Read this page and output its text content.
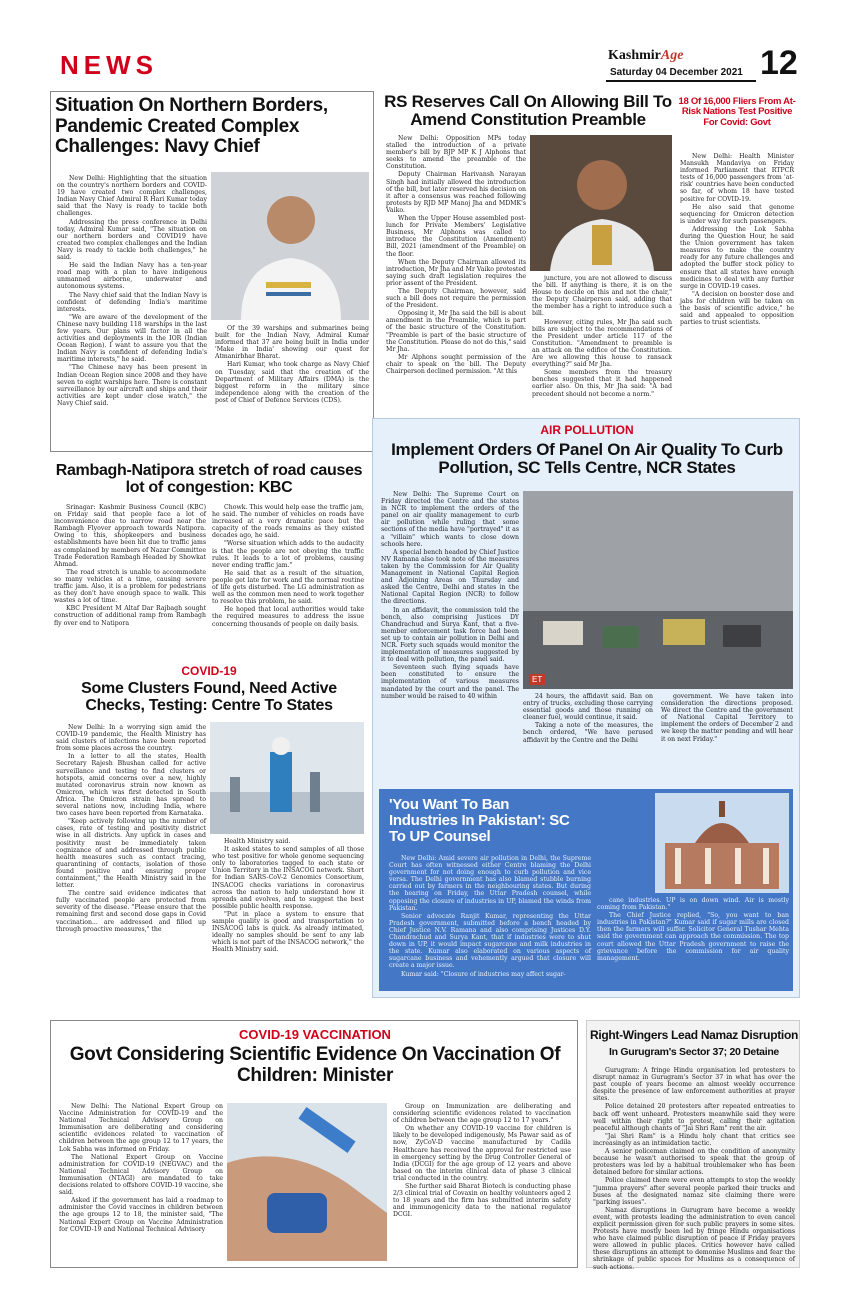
NEWS	KashmirAge
Saturday 04 December 2021 12
Situation On Northern Borders, Pandemic Created Complex Challenges: Navy Chief

New Delhi: Highlighting that the situation on the country's northern borders and COVID-19 have created two complex challenges, Indian Navy Chief Admiral R Hari Kumar today said that the Navy is ready to tackle both challenges.

Addressing the press conference in Delhi today, Admiral Kumar said, "The situation on our northern borders and COVID19 have created two complex challenges and the Indian Navy is ready to tackle both challenges," he said.

He said the Indian Navy has a ten-year road map with a plan to have indigenous unmanned airborne, underwater and autonomous systems.

The Navy chief said that the Indian Navy is confident of defending India's maritime interests.

"We are aware of the development of the Chinese navy building 118 warships in the last few years. Our plans will factor in all the activities and deployments in the IOR (Indian Ocean Region). I want to assure you that the Indian Navy is confident of defending India's maritime interests," he said.

"The Chinese navy has been present in Indian Ocean Region since 2008 and they have seven to eight warships here. There is constant surveillance by our aircraft and ships and their activities are kept under close watch," the Navy Chief said.

Of the 39 warships and submarines being built for the Indian Navy, Admiral Kumar informed that 37 are being built in India under 'Make in India' showing our quest for Atmanirbhar Bharat.

Hari Kumar, who took charge as Navy Chief on Tuesday, said that the creation of the Department of Military Affairs (DMA) is the biggest reform in the military since independence along with the creation of the post of Chief of Defence Services (CDS).

RS Reserves Call On Allowing Bill To Amend Constitution Preamble

New Delhi: Opposition MPs today stalled the introduction of a private member's bill by BJP MP K J Alphons that seeks to amend the preamble of the Constitution.

Deputy Chairman Harivansh Narayan Singh had initially allowed the introduction of the bill, but later reserved his decision on it after a consensus was reached following protests by RJD MP Manoj Jha and MDMK's Vaiko.

When the Upper House assembled post-lunch for Private Members' Legislative Business, Mr Alphons was called to introduce the Constitution (Amendment) Bill, 2021 (amendment of the Preamble) on the floor.

When the Deputy Chairman allowed its introduction, Mr Jha and Mr Vaiko protested saying such draft legislation requires the prior assent of the President.

The Deputy Chairman, however, said such a bill does not require the permission of the President.

Opposing it, Mr Jha said the bill is about amendment in the Preamble, which is part of the basic structure of the Constitution. "Preamble is part of the basic structure of the Constitution. Please do not do this," said Mr Jha.

Mr Alphons sought permission of the chair to speak on the bill. The Deputy Chairperson declined permission. "At this

juncture, you are not allowed to discuss the bill. If anything is there, it is on the House to decide on this and not the chair," the Deputy Chairperson said, adding that the member has a right to introduce such a bill.

However, citing rules, Mr Jha said such bills are subject to the recommendations of the President under article 117 of the Constitution. "Amendment to preamble is an attack on the edifice of the Constitution. Are we allowing this house to ransack everything?" said Mr Jha.

Some members from the treasury benches suggested that it had happened earlier also. On this, Mr Jha said: "A bad precedent should not become a norm."

18 Of 16,000 Fliers From At-Risk Nations Test Positive For Covid: Govt

New Delhi: Health Minister Mansukh Mandaviya on Friday informed Parliament that RTPCR tests of 16,000 passengers from 'at-risk' countries have been conducted so far, of whom 18 have tested positive for COVID-19.

He also said that genome sequencing for Omicron detection is under way for such passengers.

Addressing the Lok Sabha during the Question Hour, he said the Union government has taken measures to make the country ready for any future challenges and adopted the buffer stock policy to ensure that all states have enough medicines to deal with any further surge in COVID-19 cases.

"A decision on booster dose and jabs for children will be taken on the basis of scientific advice," he said and appealed to opposition parties to trust scientists.

Rambagh-Natipora stretch of road causes lot of congestion: KBC

Srinagar: Kashmir Business Council (KBC) on Friday said that people face a lot of inconvenience due to narrow road near the Rambagh Flyover approach towards Natipora. Owing to this, shopkeepers and business establishments have been hit due to traffic jams as complained by members of Nazar Committee Trade Federation Rambagh Headed by Showkat Ahmad.

The road stretch is unable to accommodate so many vehicles at a time, causing severe traffic jam. Also, it is a problem for pedestrians as they don't have enough space to walk. This wastes a lot of time.

KBC President M Altaf Dar Rajbagh sought construction of additional ramp from Rambagh fly over end to Natipora

Chowk. This would help ease the traffic jam, he said. The number of vehicles on roads have increased at a very dramatic pace but the capacity of the roads remains as they existed decades ago, he said.

"Worse situation which adds to the audacity is that the people are not obeying the traffic rules. It leads to a lot of problems, causing never ending traffic jam."

He said that as a result of the situation, people get late for work and the normal routine of life gets disturbed. The LG administration as well as the common men need to work together to resolve this problem, he said.

He hoped that local authorities would take the required measures to address the issue concerning thousands of people on daily basis.

COVID-19
Some Clusters Found, Need Active Checks, Testing: Centre To States

New Delhi: In a worrying sign amid the COVID-19 pandemic, the Health Ministry has said clusters of infections have been reported from some places across the country.

In a letter to all the states, Health Secretary Rajesh Bhushan called for active surveillance and testing to find clusters or hotspots, amid concerns over a new, highly mutated coronavirus strain now known as Omicron, which was first detected in South Africa. The Omicron strain has spread to several nations now, including India, where two cases have been reported from Karnataka.

"Keep actively following up the number of cases, rate of testing and positivity district wise in all districts. Any uptick in cases and positivity must be immediately taken cognizance of and addressed through public health measures such as contact tracing, quarantining of contacts, isolation of those found positive and ensuring proper containment," the Health Ministry said in the letter.

The centre said evidence indicates that fully vaccinated people are protected from severity of the disease. "Please ensure that the remaining first and second dose gaps in Covid vaccination... are addressed and filled up through proactive measures," the

Health Ministry said.

It asked states to send samples of all those who test positive for whole genome sequencing only to laboratories tagged to each state or Union Territory in the INSACOG network. Short for Indian SARS-CoV-2 Genomics Consortium, INSACOG checks variations in coronavirus across the nation to help understand how it spreads and evolves, and to suggest the best possible public health response.

"Put in place a system to ensure that sample quality is good and transportation to INSACOG labs is quick. As already intimated, ideally no samples should be sent to any lab which is not part of the INSACOG network," the Health Ministry said.

AIR POLLUTION
Implement Orders Of Panel On Air Quality To Curb Pollution, SC Tells Centre, NCR States

New Delhi: The Supreme Court on Friday directed the Centre and the states in NCR to implement the orders of the panel on air quality management to curb air pollution while ruling that some sections of the media have "portrayed" it as a "villain" which wants to close down schools here.

A special bench headed by Chief Justice NV Ramana also took note of the measures taken by the Commission for Air Quality Management in National Capital Region and Adjoining Areas on Thursday and asked the Centre, Delhi and states in the National Capital Region (NCR) to follow the directions.

In an affidavit, the commission told the bench, also comprising Justices DY Chandrachud and Surya Kant, that a five-member enforcement task force had been set up to contain air pollution in Delhi and NCR. Forty such squads would monitor the implementation of measures suggested by it to deal with pollution, the panel said.

Seventeen such flying squads have been constituted to ensure the implementation of various measures mandated by the court and the panel. The number would be raised to 40 within

ET

24 hours, the affidavit said. Ban on entry of trucks, excluding those carrying essential goods and those running on cleaner fuel, would continue, it said.

Taking a note of the measures, the bench ordered, "We have perused affidavit by the Centre and the Delhi

government. We have taken into consideration the directions proposed. We direct the Centre and the government of National Capital Territory to implement the orders of December 2 and we keep the matter pending and will hear it on next Friday."

'You Want To Ban Industries In Pakistan': SC To UP Counsel

New Delhi: Amid severe air pollution in Delhi, the Supreme Court has often witnessed either Centre blaming the Delhi government for not doing enough to curb pollution and vice versa. The Delhi government has also blamed stubble burning carried out by farmers in the neighbouring states. But during the hearing on Friday, the Uttar Pradesh counsel, while opposing the closure of industries in UP, blamed the winds from Pakistan.

Senior advocate Ranjit Kumar, representing the Uttar Pradesh government, submitted before a bench headed by Chief Justice N.V. Ramana and also comprising Justices D.Y. Chandrachud and Surya Kant, that if industries were to shut down in UP, it would impact sugarcane and milk industries in the state. Kumar also elaborated on various aspects of sugarcane business and vehemently argued that closure will create a major issue.

Kumar said: "Closure of industries may affect sugar-

cane industries. UP is on down wind. Air is mostly coming from Pakistan."

The Chief Justice replied, "So, you want to ban industries in Pakistan?" Kumar said if sugar mills are closed then the farmers will suffer. Solicitor General Tushar Mehta said the government can approach the commission. The top court allowed the Uttar Pradesh government to raise the grievance before the commission for air quality management.

COVID-19 VACCINATION
Govt Considering Scientific Evidence On Vaccination Of Children: Minister

New Delhi: The National Expert Group on Vaccine Administration for COVID-19 and the National Technical Advisory Group on Immunisation are deliberating and considering scientific evidences related to vaccination of children between the age group 12 to 17 years, the Lok Sabha was informed on Friday.

The National Expert Group on Vaccine administration for COVID-19 (NEGVAC) and the National Technical Advisory Group on Immunisation (NTAGI) are mandated to take decisions related to offshore COVID-19 vaccine, she said.

Asked if the government has laid a roadmap to administer the Covid vaccines in children between the age groups 12 to 18, the minister said, "The National Expert Group on Vaccine Administration for COVID-19 and National Technical Advisory

Group on Immunization are deliberating and considering scientific evidences related to vaccination of children between the age group 12 to 17 years."

On whether any COVID-19 vaccine for children is likely to be developed indigenously, Ms Pawar said as of now, ZyCoV-D vaccine manufactured by Cadila Healthcare has received the approval for restricted use in emergency setting by the Drug Controller General of India (DCGI) for the age group of 12 years and above based on the interim clinical data of phase 3 clinical trial conducted in the country.

She further said Bharat Biotech is conducting phase 2/3 clinical trial of Covaxin on healthy volunteers aged 2 to 18 years and the firm has submitted interim safety and immunogenicity data to the national regulator DCGI.

Right-Wingers Lead Namaz Disruption
In Gurugram's Sector 37; 20 Detaine

Gurugram: A fringe Hindu organisation led protesters to disrupt namaz in Gurugram's Sector 37 in what has over the past couple of years become an almost weekly occurrence despite the presence of law enforcement authorities at prayer sites.

Police detained 20 protesters after repeated entreaties to back off went unheard. Protesters meanwhile said they were well within their right to protest, calling their agitation peaceful although chants of "Jai Shri Ram" rent the air.

"Jai Shri Ram" is a Hindu holy chant that critics see increasingly as an intimidation tactic.

A senior policeman claimed on the condition of anonymity because he wasn't authorised to speak that the group of protesters was led by a habitual troublemaker who has been detained before for similar actions.

Police claimed there were even attempts to stop the weekly "jumma prayers" after several people parked their trucks and buses at the designated namaz site claiming there were "parking issues".

Namaz disruptions in Gurugram have become a weekly event, with protests leading the administration to even cancel explicit permission given for such public prayers in some sites. Protests have mostly been led by fringe Hindu organisations who have claimed public disruption of peace if Friday prayers were allowed in public places. Critics however have called these disruptions an attempt to demonise Muslims and fear the shrinkage of public spaces for Muslims as a consequence of such actions.
